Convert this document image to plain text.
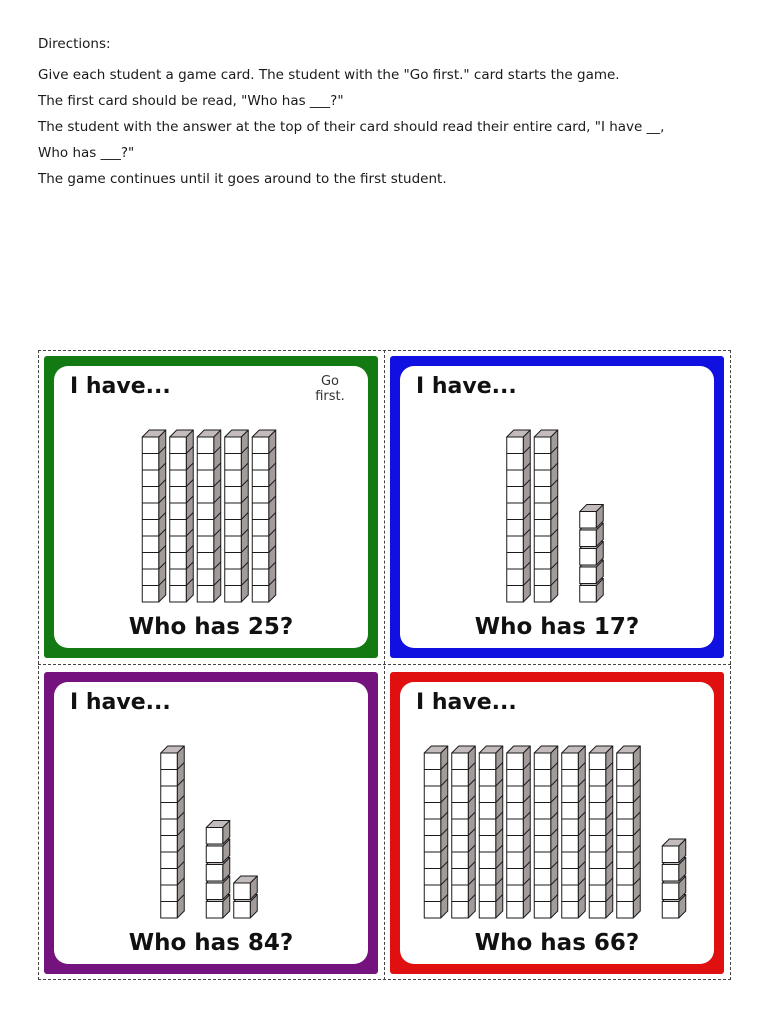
Directions:

Give each student a game card. The student with the "Go first." card starts the game.

The first card should be read, "Who has ___?"

The student with the answer at the top of their card should read their entire card, "I have __,

Who has ___?"

The game continues until it goes around to the first student.

I have...	Go first.
Who has 25?
I have...
Who has 17?
I have...
Who has 84?
I have...
Who has 66?
